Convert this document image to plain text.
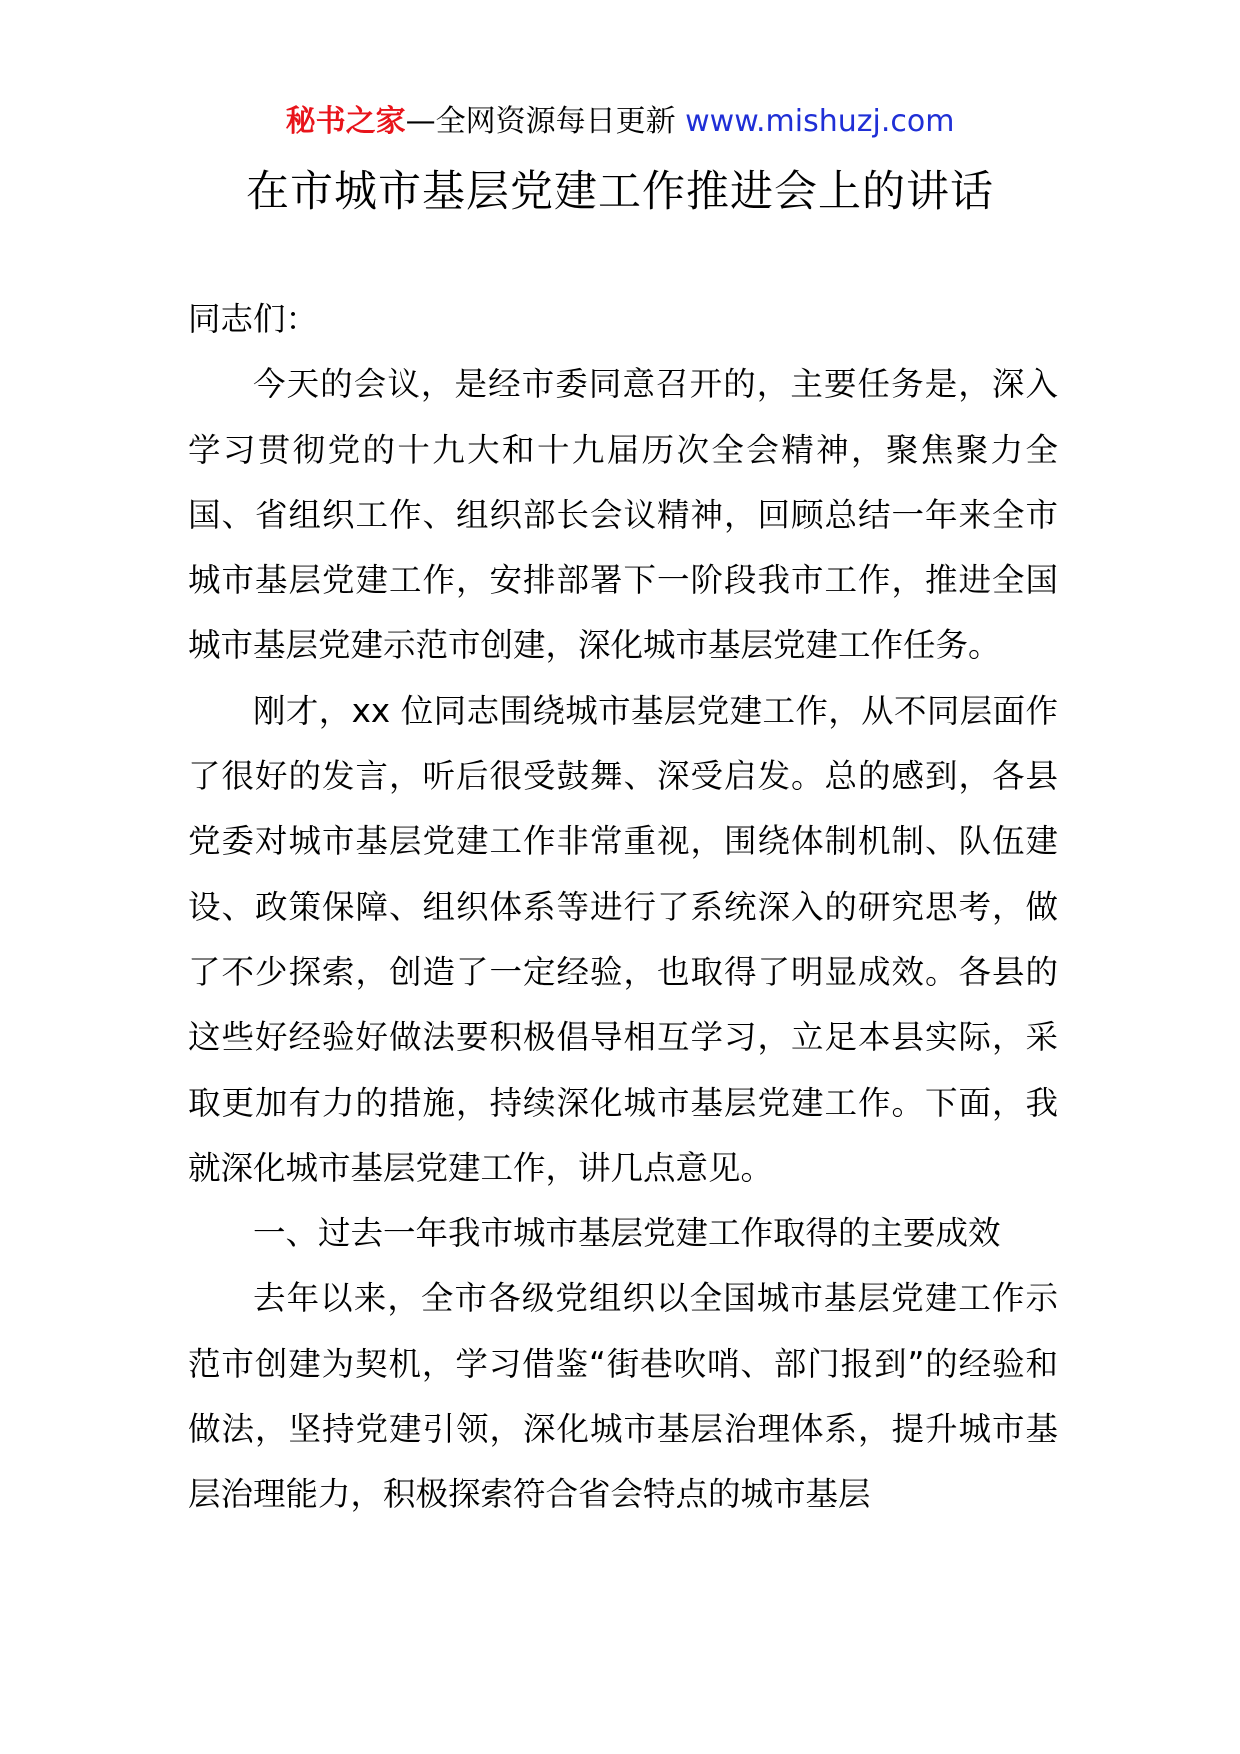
秘书之家—全网资源每日更新 www.mishuzj.com
在市城市基层党建工作推进会上的讲话

同志们：

今天的会议，是经市委同意召开的，主要任务是，深入学习贯彻党的十九大和十九届历次全会精神，聚焦聚力全国、省组织工作、组织部长会议精神，回顾总结一年来全市城市基层党建工作，安排部署下一阶段我市工作，推进全国城市基层党建示范市创建，深化城市基层党建工作任务。

刚才，xx 位同志围绕城市基层党建工作，从不同层面作了很好的发言，听后很受鼓舞、深受启发。总的感到，各县党委对城市基层党建工作非常重视，围绕体制机制、队伍建设、政策保障、组织体系等进行了系统深入的研究思考，做了不少探索，创造了一定经验，也取得了明显成效。各县的这些好经验好做法要积极倡导相互学习，立足本县实际，采取更加有力的措施，持续深化城市基层党建工作。下面，我就深化城市基层党建工作，讲几点意见。

一、过去一年我市城市基层党建工作取得的主要成效

去年以来，全市各级党组织以全国城市基层党建工作示范市创建为契机，学习借鉴“街巷吹哨、部门报到”的经验和做法，坚持党建引领，深化城市基层治理体系，提升城市基层治理能力，积极探索符合省会特点的城市基层
